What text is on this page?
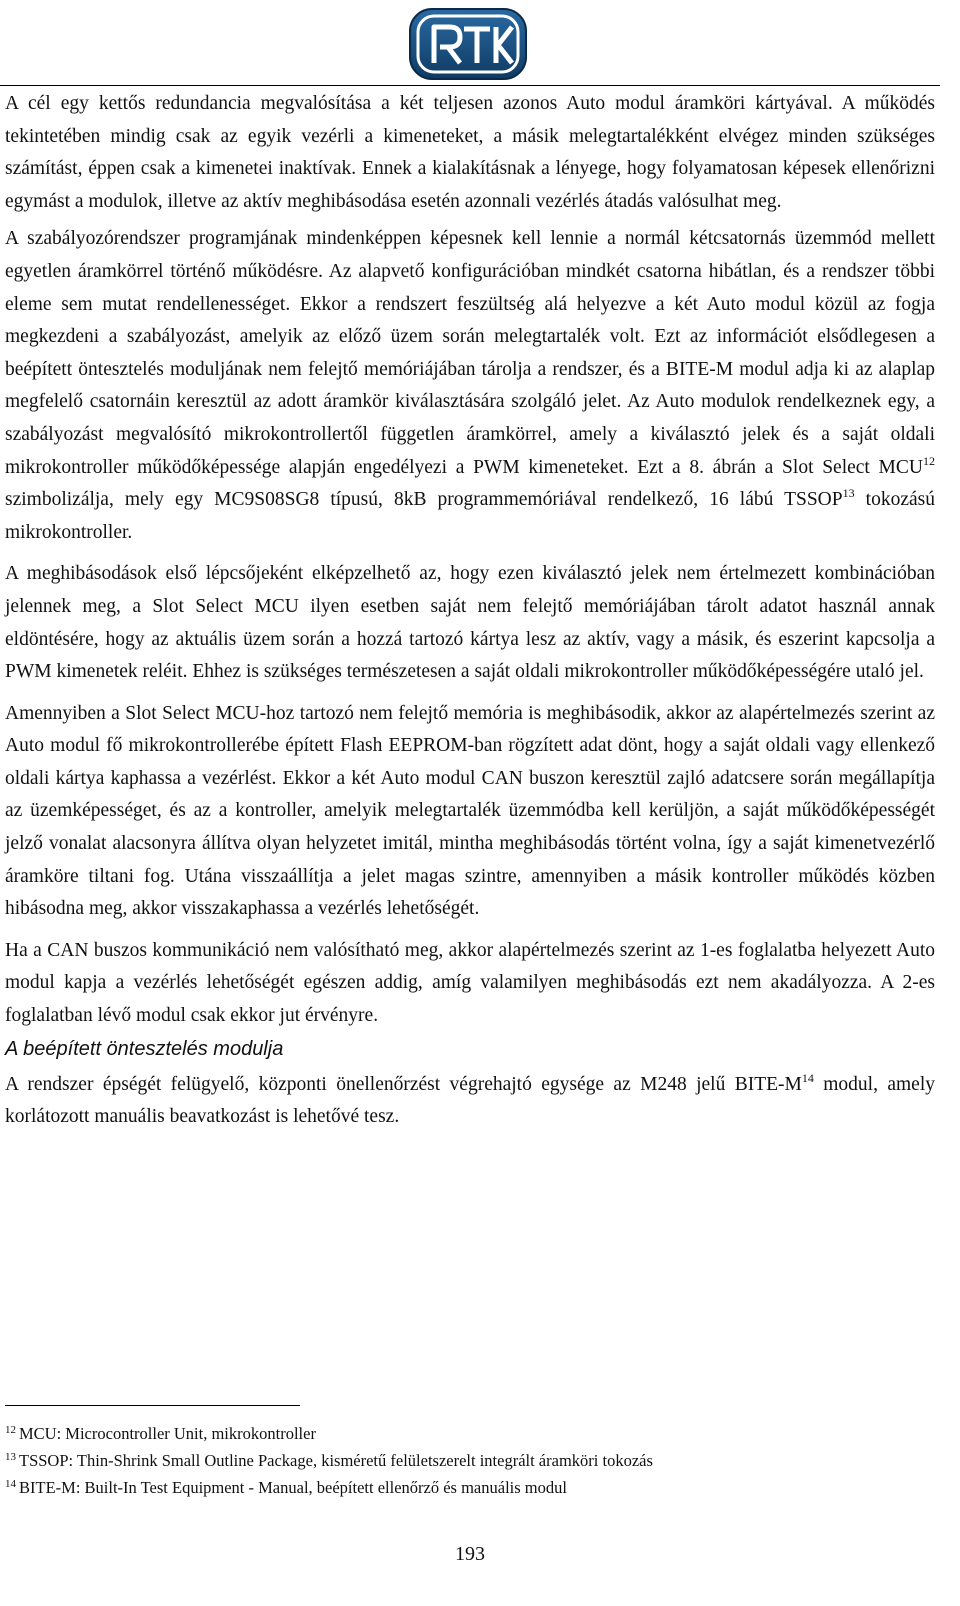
A cél egy kettős redundancia megvalósítása a két teljesen azonos Auto modul áramköri kártyával. A működés tekintetében mindig csak az egyik vezérli a kimeneteket, a másik melegtartalékként elvégez minden szükséges számítást, éppen csak a kimenetei inaktívak. Ennek a kialakításnak a lényege, hogy folyamatosan képesek ellenőrizni egymást a modulok, illetve az aktív meghibásodása esetén azonnali vezérlés átadás valósulhat meg.

A szabályozórendszer programjának mindenképpen képesnek kell lennie a normál kétcsatornás üzemmód mellett egyetlen áramkörrel történő működésre. Az alapvető konfigurációban mindkét csatorna hibátlan, és a rendszer többi eleme sem mutat rendellenességet. Ekkor a rendszert feszültség alá helyezve a két Auto modul közül az fogja megkezdeni a szabályozást, amelyik az előző üzem során melegtartalék volt. Ezt az információt elsődlegesen a beépített öntesztelés moduljának nem felejtő memóriájában tárolja a rendszer, és a BITE-M modul adja ki az alaplap megfelelő csatornáin keresztül az adott áramkör kiválasztására szolgáló jelet. Az Auto modulok rendelkeznek egy, a szabályozást megvalósító mikrokontrollertől független áramkörrel, amely a kiválasztó jelek és a saját oldali mikrokontroller működőképessége alapján engedélyezi a PWM kimeneteket. Ezt a 8. ábrán a Slot Select MCU$^{12}$ szimbolizálja, mely egy MC9S08SG8 típusú, 8kB programmemóriával rendelkező, 16 lábú TSSOP$^{13}$ tokozású mikrokontroller.

A meghibásodások első lépcsőjeként elképzelhető az, hogy ezen kiválasztó jelek nem értelmezett kombinációban jelennek meg, a Slot Select MCU ilyen esetben saját nem felejtő memóriájában tárolt adatot használ annak eldöntésére, hogy az aktuális üzem során a hozzá tartozó kártya lesz az aktív, vagy a másik, és eszerint kapcsolja a PWM kimenetek reléit. Ehhez is szükséges természetesen a saját oldali mikrokontroller működőképességére utaló jel.

Amennyiben a Slot Select MCU-hoz tartozó nem felejtő memória is meghibásodik, akkor az alapértelmezés szerint az Auto modul fő mikrokontrollerébe épített Flash EEPROM-ban rögzített adat dönt, hogy a saját oldali vagy ellenkező oldali kártya kaphassa a vezérlést. Ekkor a két Auto modul CAN buszon keresztül zajló adatcsere során megállapítja az üzemképességet, és az a kontroller, amelyik melegtartalék üzemmódba kell kerüljön, a saját működőképességét jelző vonalat alacsonyra állítva olyan helyzetet imitál, mintha meghibásodás történt volna, így a saját kimenetvezérlő áramköre tiltani fog. Utána visszaállítja a jelet magas szintre, amennyiben a másik kontroller működés közben hibásodna meg, akkor visszakaphassa a vezérlés lehetőségét.

Ha a CAN buszos kommunikáció nem valósítható meg, akkor alapértelmezés szerint az 1-es foglalatba helyezett Auto modul kapja a vezérlés lehetőségét egészen addig, amíg valamilyen meghibásodás ezt nem akadályozza. A 2-es foglalatban lévő modul csak ekkor jut érvényre.

A beépített öntesztelés modulja

A rendszer épségét felügyelő, központi önellenőrzést végrehajtó egysége az M248 jelű BITE-$M^{14}$ modul, amely korlátozott manuális beavatkozást is lehetővé tesz.

$^{12}$ MCU: Microcontroller Unit, mikrokontroller
$^{13}$ TSSOP: Thin-Shrink Small Outline Package, kisméretű felületszerelt integrált áramköri tokozás
$^{14}$ BITE-M: Built-In Test Equipment - Manual, beépített ellenőrző és manuális modul
193
